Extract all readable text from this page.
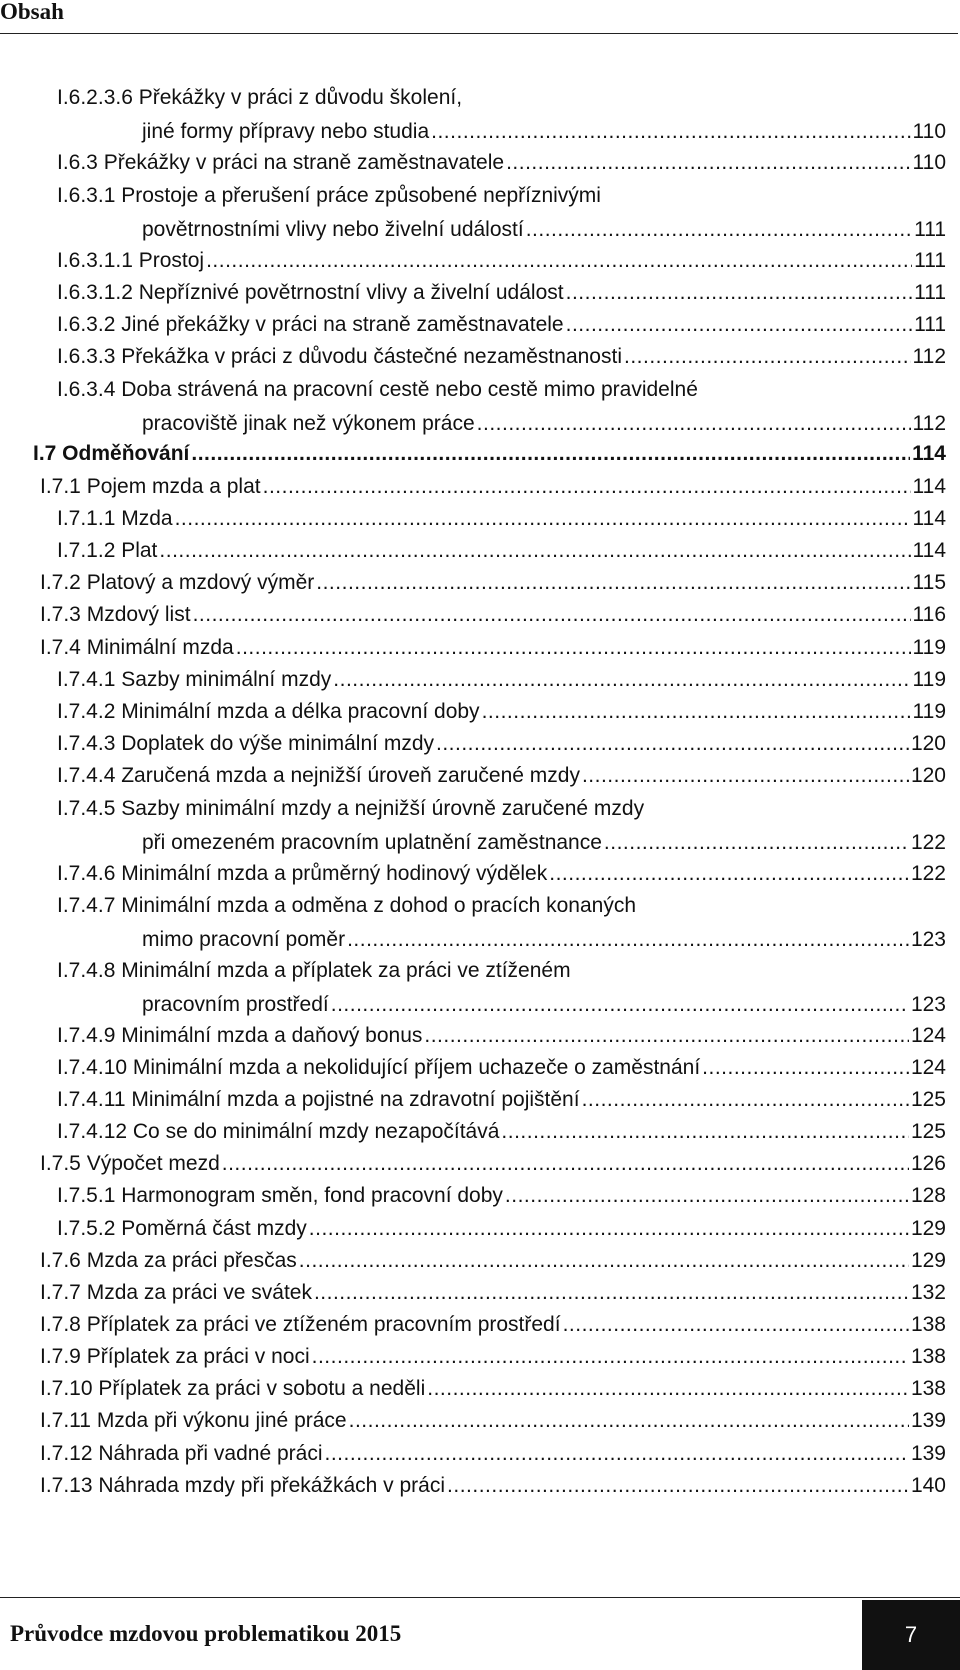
Obsah
I.6.2.3.6 Překážky v práci z důvodu školení,
jiné formy přípravy nebo studia .....	110
I.6.3 Překážky v práci na straně zaměstnavatele .....	110
I.6.3.1 Prostoje a přerušení práce způsobené nepříznivými
povětrnostními vlivy nebo živelní událostí .....	111
I.6.3.1.1 Prostoj .....	111
I.6.3.1.2 Nepříznivé povětrnostní vlivy a živelní událost .....	111
I.6.3.2 Jiné překážky v práci na straně zaměstnavatele .....	111
I.6.3.3 Překážka v práci z důvodu částečné nezaměstnanosti .....	112
I.6.3.4 Doba strávená na pracovní cestě nebo cestě mimo pravidelné
pracoviště jinak než výkonem práce .....	112
I.7 Odměňování .....	114
I.7.1 Pojem mzda a plat .....	114
I.7.1.1 Mzda .....	114
I.7.1.2 Plat .....	114
I.7.2 Platový a mzdový výměr .....	115
I.7.3 Mzdový list .....	116
I.7.4 Minimální mzda .....	119
I.7.4.1 Sazby minimální mzdy .....	119
I.7.4.2 Minimální mzda a délka pracovní doby .....	119
I.7.4.3 Doplatek do výše minimální mzdy .....	120
I.7.4.4 Zaručená mzda a nejnižší úroveň zaručené mzdy .....	120
I.7.4.5 Sazby minimální mzdy a nejnižší úrovně zaručené mzdy
při omezeném pracovním uplatnění zaměstnance .....	122
I.7.4.6 Minimální mzda a průměrný hodinový výdělek .....	122
I.7.4.7 Minimální mzda a odměna z dohod o pracích konaných
mimo pracovní poměr .....	123
I.7.4.8 Minimální mzda a příplatek za práci ve ztíženém
pracovním prostředí .....	123
I.7.4.9 Minimální mzda a daňový bonus .....	124
I.7.4.10 Minimální mzda a nekolidující příjem uchazeče o zaměstnání .....	124
I.7.4.11 Minimální mzda a pojistné na zdravotní pojištění .....	125
I.7.4.12 Co se do minimální mzdy nezapočítává .....	125
I.7.5 Výpočet mezd .....	126
I.7.5.1 Harmonogram směn, fond pracovní doby .....	128
I.7.5.2 Poměrná část mzdy .....	129
I.7.6 Mzda za práci přesčas .....	129
I.7.7 Mzda za práci ve svátek .....	132
I.7.8 Příplatek za práci ve ztíženém pracovním prostředí .....	138
I.7.9 Příplatek za práci v noci .....	138
I.7.10 Příplatek za práci v sobotu a neděli .....	138
I.7.11 Mzda při výkonu jiné práce .....	139
I.7.12 Náhrada při vadné práci .....	139
I.7.13 Náhrada mzdy při překážkách v práci .....	140
Průvodce mzdovou problematikou 2015	7
